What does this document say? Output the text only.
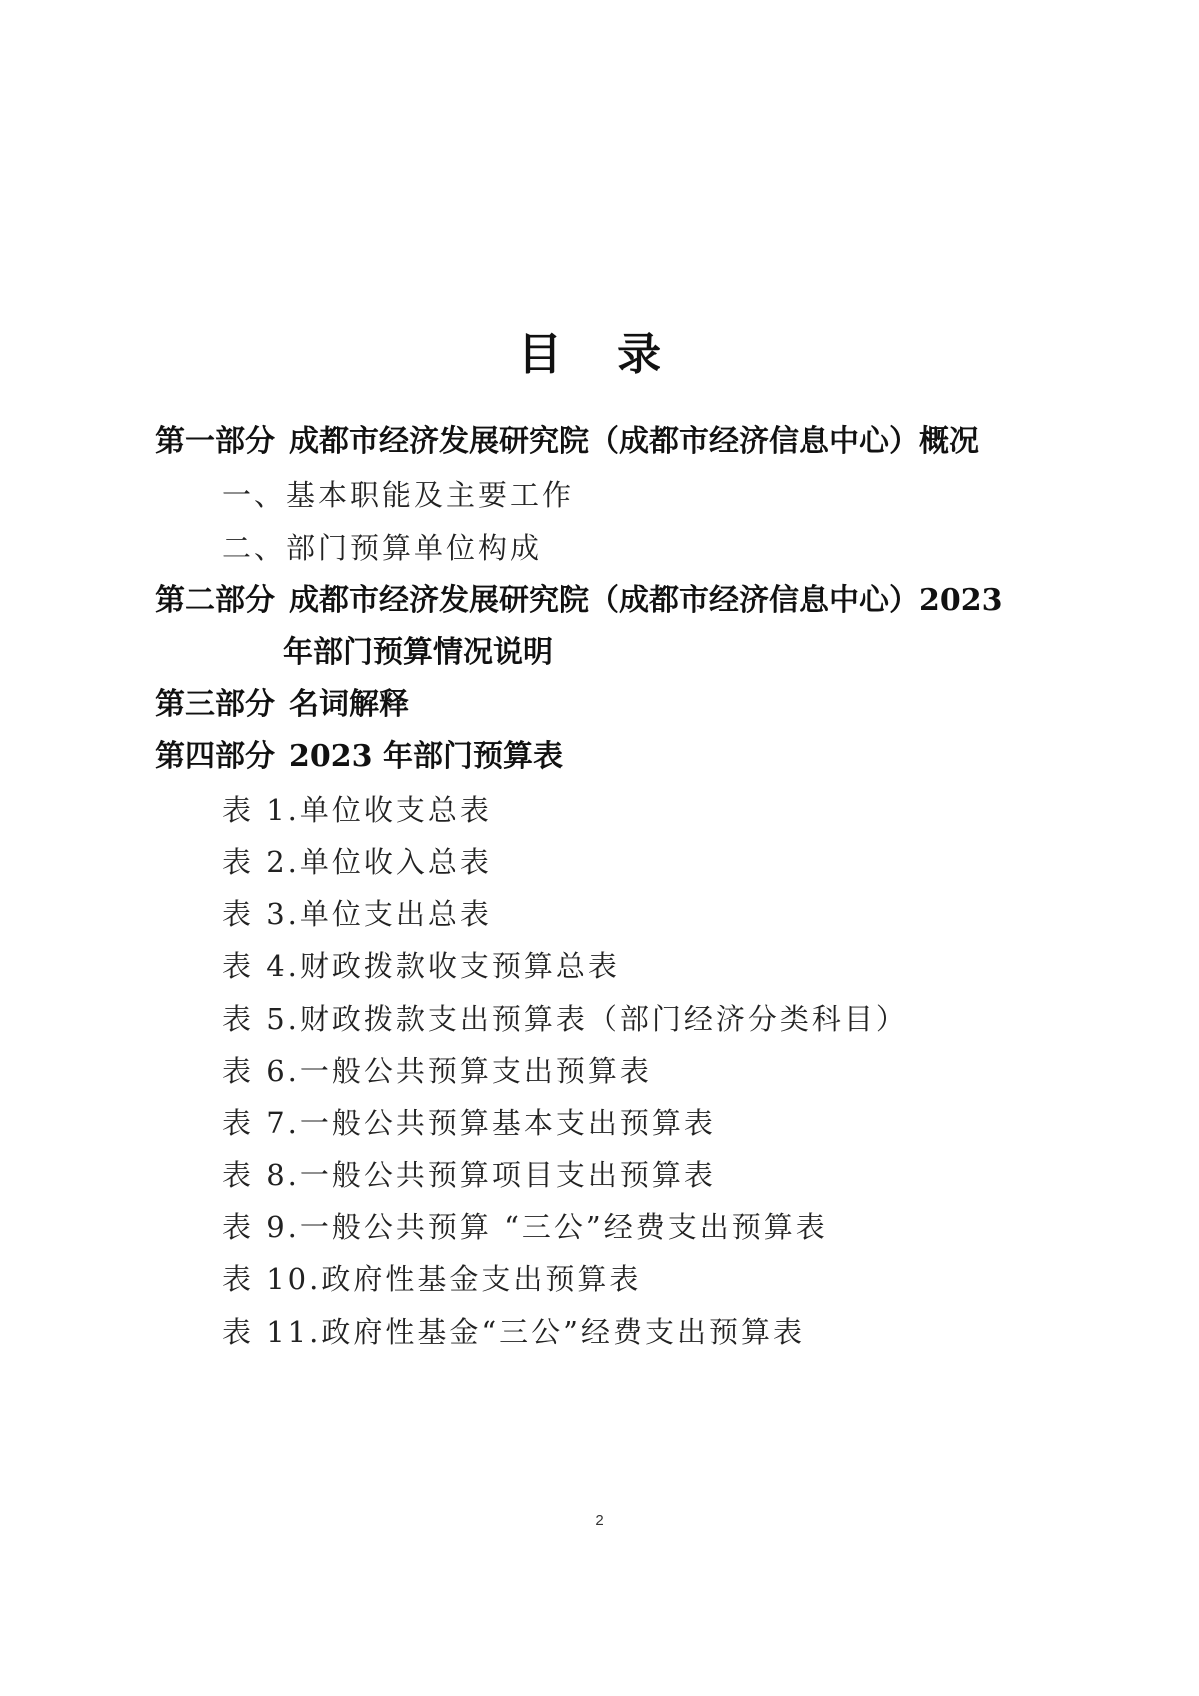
目 录
第一部分 成都市经济发展研究院（成都市经济信息中心）概况
一、基本职能及主要工作
二、部门预算单位构成
第二部分 成都市经济发展研究院（成都市经济信息中心）2023
年部门预算情况说明
第三部分 名词解释
第四部分 2023 年部门预算表
表 1.单位收支总表
表 2.单位收入总表
表 3.单位支出总表
表 4.财政拨款收支预算总表
表 5.财政拨款支出预算表（部门经济分类科目）
表 6.一般公共预算支出预算表
表 7.一般公共预算基本支出预算表
表 8.一般公共预算项目支出预算表
表 9.一般公共预算 “三公”经费支出预算表
表 10.政府性基金支出预算表
表 11.政府性基金“三公”经费支出预算表
2
